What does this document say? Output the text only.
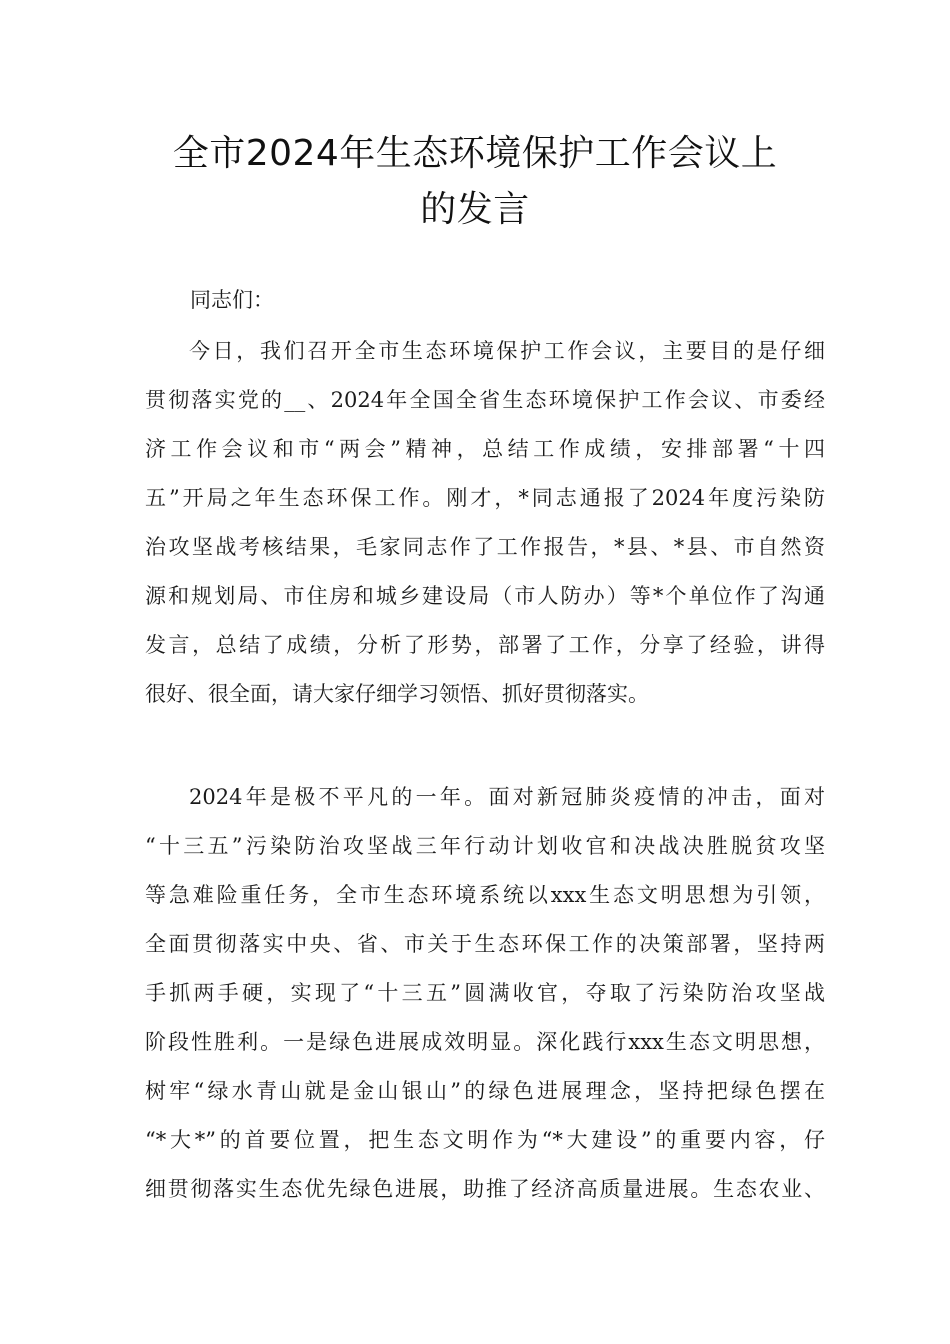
全市2024年生态环境保护工作会议上
的发言
同志们：
今日，我们召开全市生态环境保护工作会议，主要目的是仔细
贯彻落实党的__、2024年全国全省生态环境保护工作会议、市委经
济工作会议和市“两会”精神，总结工作成绩，安排部署“十四
五”开局之年生态环保工作。刚才，*同志通报了2024年度污染防
治攻坚战考核结果，毛家同志作了工作报告，*县、*县、市自然资
源和规划局、市住房和城乡建设局（市人防办）等*个单位作了沟通
发言，总结了成绩，分析了形势，部署了工作，分享了经验，讲得
很好、很全面，请大家仔细学习领悟、抓好贯彻落实。
2024年是极不平凡的一年。面对新冠肺炎疫情的冲击，面对
“十三五”污染防治攻坚战三年行动计划收官和决战决胜脱贫攻坚
等急难险重任务，全市生态环境系统以xxx生态文明思想为引领，
全面贯彻落实中央、省、市关于生态环保工作的决策部署，坚持两
手抓两手硬，实现了“十三五”圆满收官，夺取了污染防治攻坚战
阶段性胜利。一是绿色进展成效明显。深化践行xxx生态文明思想，
树牢“绿水青山就是金山银山”的绿色进展理念，坚持把绿色摆在
“*大*”的首要位置，把生态文明作为“*大建设”的重要内容，仔
细贯彻落实生态优先绿色进展，助推了经济高质量进展。生态农业、
